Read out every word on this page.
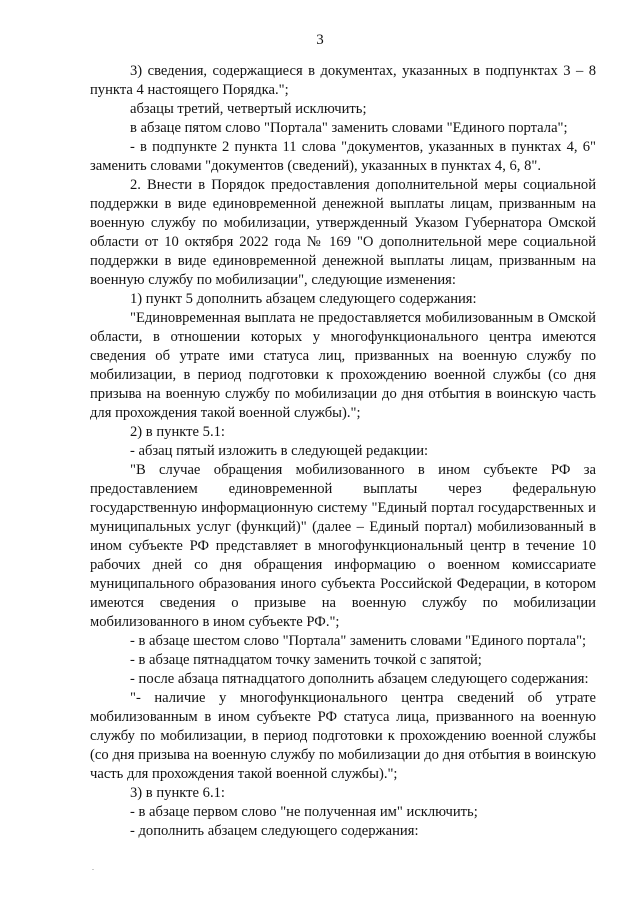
3

3) сведения, содержащиеся в документах, указанных в подпунктах 3 – 8 пункта 4 настоящего Порядка.";

абзацы третий, четвертый исключить;

в абзаце пятом слово "Портала" заменить словами "Единого портала";

- в подпункте 2 пункта 11 слова "документов, указанных в пунктах 4, 6" заменить словами "документов (сведений), указанных в пунктах 4, 6, 8".

2. Внести в Порядок предоставления дополнительной меры социальной поддержки в виде единовременной денежной выплаты лицам, призванным на военную службу по мобилизации, утвержденный Указом Губернатора Омской области от 10 октября 2022 года № 169 "О дополнительной мере социальной поддержки в виде единовременной денежной выплаты лицам, призванным на военную службу по мобилизации", следующие изменения:

1) пункт 5 дополнить абзацем следующего содержания:

"Единовременная выплата не предоставляется мобилизованным в Омской области, в отношении которых у многофункционального центра имеются сведения об утрате ими статуса лиц, призванных на военную службу по мобилизации, в период подготовки к прохождению военной службы (со дня призыва на военную службу по мобилизации до дня отбытия в воинскую часть для прохождения такой военной службы).";

2) в пункте 5.1:

- абзац пятый изложить в следующей редакции:

"В случае обращения мобилизованного в ином субъекте РФ за предоставлением единовременной выплаты через федеральную государственную информационную систему "Единый портал государственных и муниципальных услуг (функций)" (далее – Единый портал) мобилизованный в ином субъекте РФ представляет в многофункциональный центр в течение 10 рабочих дней со дня обращения информацию о военном комиссариате муниципального образования иного субъекта Российской Федерации, в котором имеются сведения о призыве на военную службу по мобилизации мобилизованного в ином субъекте РФ.";

- в абзаце шестом слово "Портала" заменить словами "Единого портала";

- в абзаце пятнадцатом точку заменить точкой с запятой;

- после абзаца пятнадцатого дополнить абзацем следующего содержания:

"- наличие у многофункционального центра сведений об утрате мобилизованным в ином субъекте РФ статуса лица, призванного на военную службу по мобилизации, в период подготовки к прохождению военной службы (со дня призыва на военную службу по мобилизации до дня отбытия в воинскую часть для прохождения такой военной службы).";

3) в пункте 6.1:

- в абзаце первом слово "не полученная им" исключить;

- дополнить абзацем следующего содержания:

.
